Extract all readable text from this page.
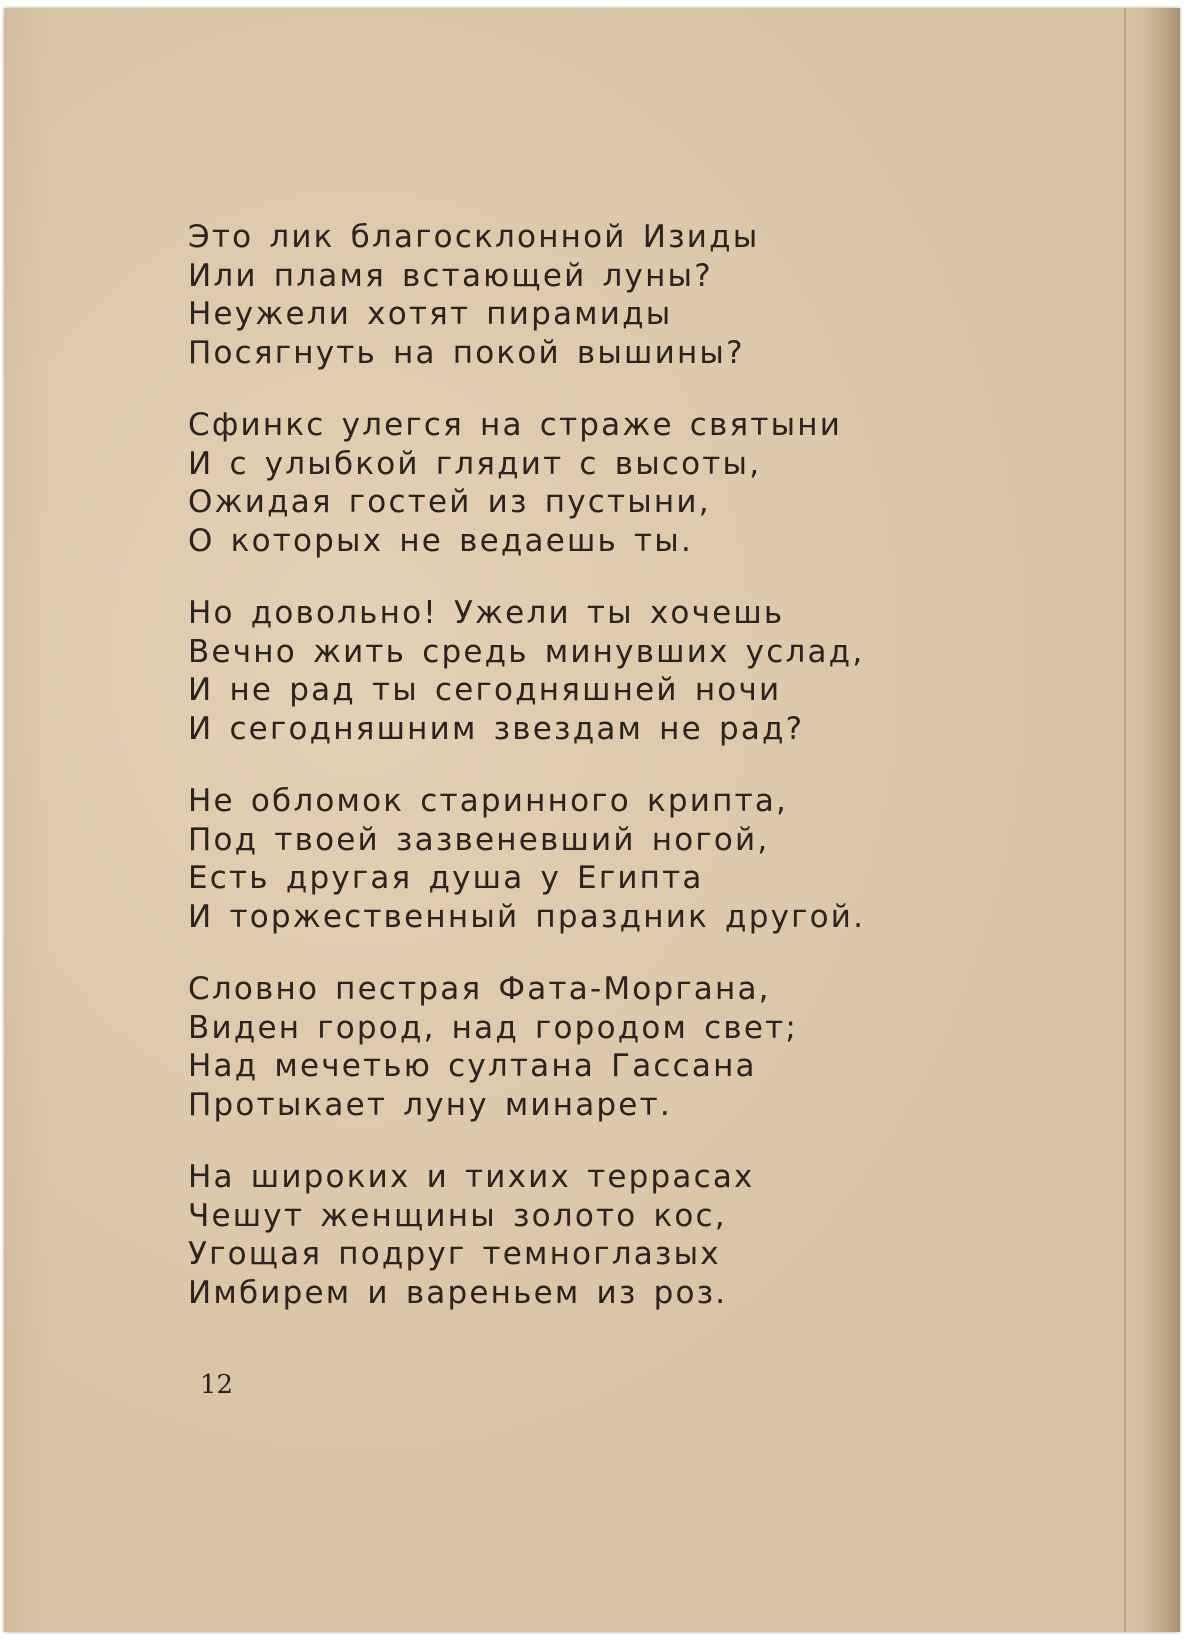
Это лик благосклонной Изиды
Или пламя встающей луны?
Неужели хотят пирамиды
Посягнуть на покой вышины?
Сфинкс улегся на страже святыни
И с улыбкой глядит с высоты,
Ожидая гостей из пустыни,
О которых не ведаешь ты.
Но довольно! Ужели ты хочешь
Вечно жить средь минувших услад,
И не рад ты сегодняшней ночи
И сегодняшним звездам не рад?
Не обломок старинного крипта,
Под твоей зазвеневший ногой,
Есть другая душа у Египта
И торжественный праздник другой.
Словно пестрая Фата-Моргана,
Виден город, над городом свет;
Над мечетью султана Гассана
Протыкает луну минарет.
На широких и тихих террасах
Чешут женщины золото кос,
Угощая подруг темноглазых
Имбирем и вареньем из роз.
12
